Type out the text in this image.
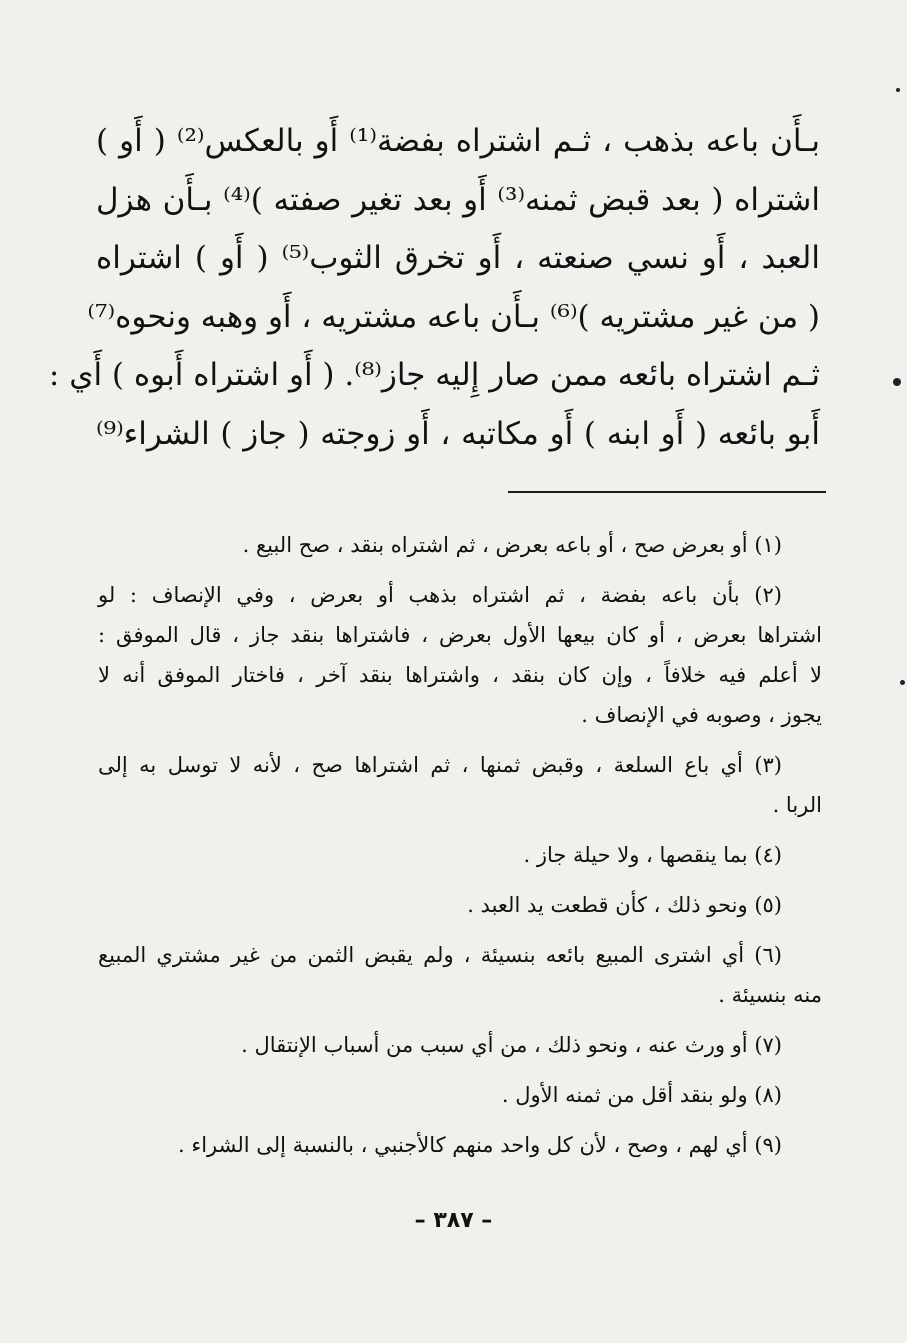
بـأَن باعه بذهب ، ثـم اشتراه بفضة⁽¹⁾ أَو بالعكس⁽²⁾ ( أَو )
اشتراه ( بعد قبض ثمنه⁽³⁾ أَو بعد تغير صفته )⁽⁴⁾ بـأَن هزل
العبد ، أَو نسي صنعته ، أَو تخرق الثوب⁽⁵⁾ ( أَو ) اشتراه
( من غير مشتريه )⁽⁶⁾ بـأَن باعه مشتريه ، أَو وهبه ونحوه⁽⁷⁾
ثـم اشتراه بائعه ممن صار إِليه جاز⁽⁸⁾. ( أَو اشتراه أَبوه ) أَي :
أَبو بائعه ( أَو ابنه ) أَو مكاتبه ، أَو زوجته ( جاز ) الشراء⁽⁹⁾
(١) أو بعرض صح ، أو باعه بعرض ، ثم اشتراه بنقد ، صح البيع .
(٢) بأن باعه بفضة ، ثم اشتراه بذهب أو بعرض ، وفي الإنصاف : لو
اشتراها بعرض ، أو كان بيعها الأول بعرض ، فاشتراها بنقد جاز ، قال الموفق :
لا أعلم فيه خلافاً ، وإن كان بنقد ، واشتراها بنقد آخر ، فاختار الموفق أنه لا
يجوز ، وصوبه في الإنصاف .
(٣) أي باع السلعة ، وقبض ثمنها ، ثم اشتراها صح ، لأنه لا توسل به إلى
الربا .
(٤) بما ينقصها ، ولا حيلة جاز .
(٥) ونحو ذلك ، كأن قطعت يد العبد .
(٦) أي اشترى المبيع بائعه بنسيئة ، ولم يقبض الثمن من غير مشتري المبيع
منه بنسيئة .
(٧) أو ورث عنه ، ونحو ذلك ، من أي سبب من أسباب الإنتقال .
(٨) ولو بنقد أقل من ثمنه الأول .
(٩) أي لهم ، وصح ، لأن كل واحد منهم كالأجنبي ، بالنسبة إلى الشراء .
– ٣٨٧ –
